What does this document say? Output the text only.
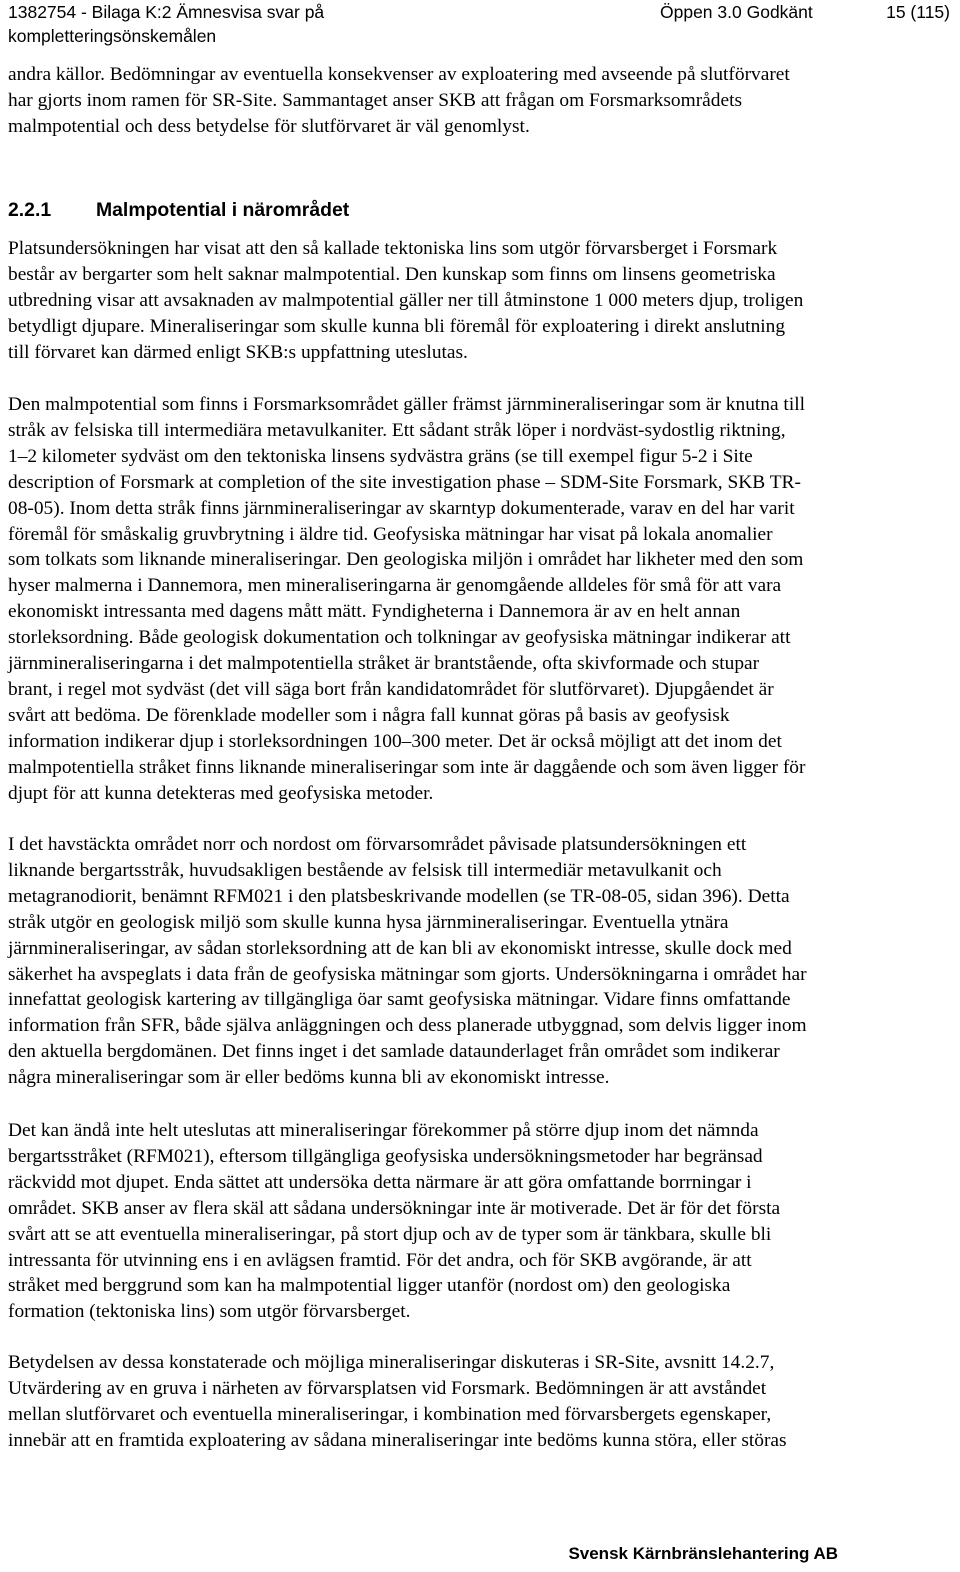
1382754 - Bilaga K:2 Ämnesvisa svar på
kompletteringsönskemålen
Öppen 3.0 Godkänt	15 (115)

andra källor. Bedömningar av eventuella konsekvenser av exploatering med avseende på slutförvaret

har gjorts inom ramen för SR-Site. Sammantaget anser SKB att frågan om Forsmarksområdets

malmpotential och dess betydelse för slutförvaret är väl genomlyst.

2.2.1 Malmpotential i närområdet

Platsundersökningen har visat att den så kallade tektoniska lins som utgör förvarsberget i Forsmark

består av bergarter som helt saknar malmpotential. Den kunskap som finns om linsens geometriska

utbredning visar att avsaknaden av malmpotential gäller ner till åtminstone 1 000 meters djup, troligen

betydligt djupare. Mineraliseringar som skulle kunna bli föremål för exploatering i direkt anslutning

till förvaret kan därmed enligt SKB:s uppfattning uteslutas.

Den malmpotential som finns i Forsmarksområdet gäller främst järnmineraliseringar som är knutna till

stråk av felsiska till intermediära metavulkaniter. Ett sådant stråk löper i nordväst-sydostlig riktning,

1–2 kilometer sydväst om den tektoniska linsens sydvästra gräns (se till exempel figur 5-2 i Site

description of Forsmark at completion of the site investigation phase – SDM-Site Forsmark, SKB TR-

08-05). Inom detta stråk finns järnmineraliseringar av skarntyp dokumenterade, varav en del har varit

föremål för småskalig gruvbrytning i äldre tid. Geofysiska mätningar har visat på lokala anomalier

som tolkats som liknande mineraliseringar. Den geologiska miljön i området har likheter med den som

hyser malmerna i Dannemora, men mineraliseringarna är genomgående alldeles för små för att vara

ekonomiskt intressanta med dagens mått mätt. Fyndigheterna i Dannemora är av en helt annan

storleksordning. Både geologisk dokumentation och tolkningar av geofysiska mätningar indikerar att

järnmineraliseringarna i det malmpotentiella stråket är brantstående, ofta skivformade och stupar

brant, i regel mot sydväst (det vill säga bort från kandidatområdet för slutförvaret). Djupgåendet är

svårt att bedöma. De förenklade modeller som i några fall kunnat göras på basis av geofysisk

information indikerar djup i storleksordningen 100–300 meter. Det är också möjligt att det inom det

malmpotentiella stråket finns liknande mineraliseringar som inte är daggående och som även ligger för

djupt för att kunna detekteras med geofysiska metoder.

I det havstäckta området norr och nordost om förvarsområdet påvisade platsundersökningen ett

liknande bergartsstråk, huvudsakligen bestående av felsisk till intermediär metavulkanit och

metagranodiorit, benämnt RFM021 i den platsbeskrivande modellen (se TR-08-05, sidan 396). Detta

stråk utgör en geologisk miljö som skulle kunna hysa järnmineraliseringar. Eventuella ytnära

järnmineraliseringar, av sådan storleksordning att de kan bli av ekonomiskt intresse, skulle dock med

säkerhet ha avspeglats i data från de geofysiska mätningar som gjorts. Undersökningarna i området har

innefattat geologisk kartering av tillgängliga öar samt geofysiska mätningar. Vidare finns omfattande

information från SFR, både själva anläggningen och dess planerade utbyggnad, som delvis ligger inom

den aktuella bergdomänen. Det finns inget i det samlade dataunderlaget från området som indikerar

några mineraliseringar som är eller bedöms kunna bli av ekonomiskt intresse.

Det kan ändå inte helt uteslutas att mineraliseringar förekommer på större djup inom det nämnda

bergartsstråket (RFM021), eftersom tillgängliga geofysiska undersökningsmetoder har begränsad

räckvidd mot djupet. Enda sättet att undersöka detta närmare är att göra omfattande borrningar i

området. SKB anser av flera skäl att sådana undersökningar inte är motiverade. Det är för det första

svårt att se att eventuella mineraliseringar, på stort djup och av de typer som är tänkbara, skulle bli

intressanta för utvinning ens i en avlägsen framtid. För det andra, och för SKB avgörande, är att

stråket med berggrund som kan ha malmpotential ligger utanför (nordost om) den geologiska

formation (tektoniska lins) som utgör förvarsberget.

Betydelsen av dessa konstaterade och möjliga mineraliseringar diskuteras i SR-Site, avsnitt 14.2.7,

Utvärdering av en gruva i närheten av förvarsplatsen vid Forsmark. Bedömningen är att avståndet

mellan slutförvaret och eventuella mineraliseringar, i kombination med förvarsbergets egenskaper,

innebär att en framtida exploatering av sådana mineraliseringar inte bedöms kunna störa, eller störas

Svensk Kärnbränslehantering AB
